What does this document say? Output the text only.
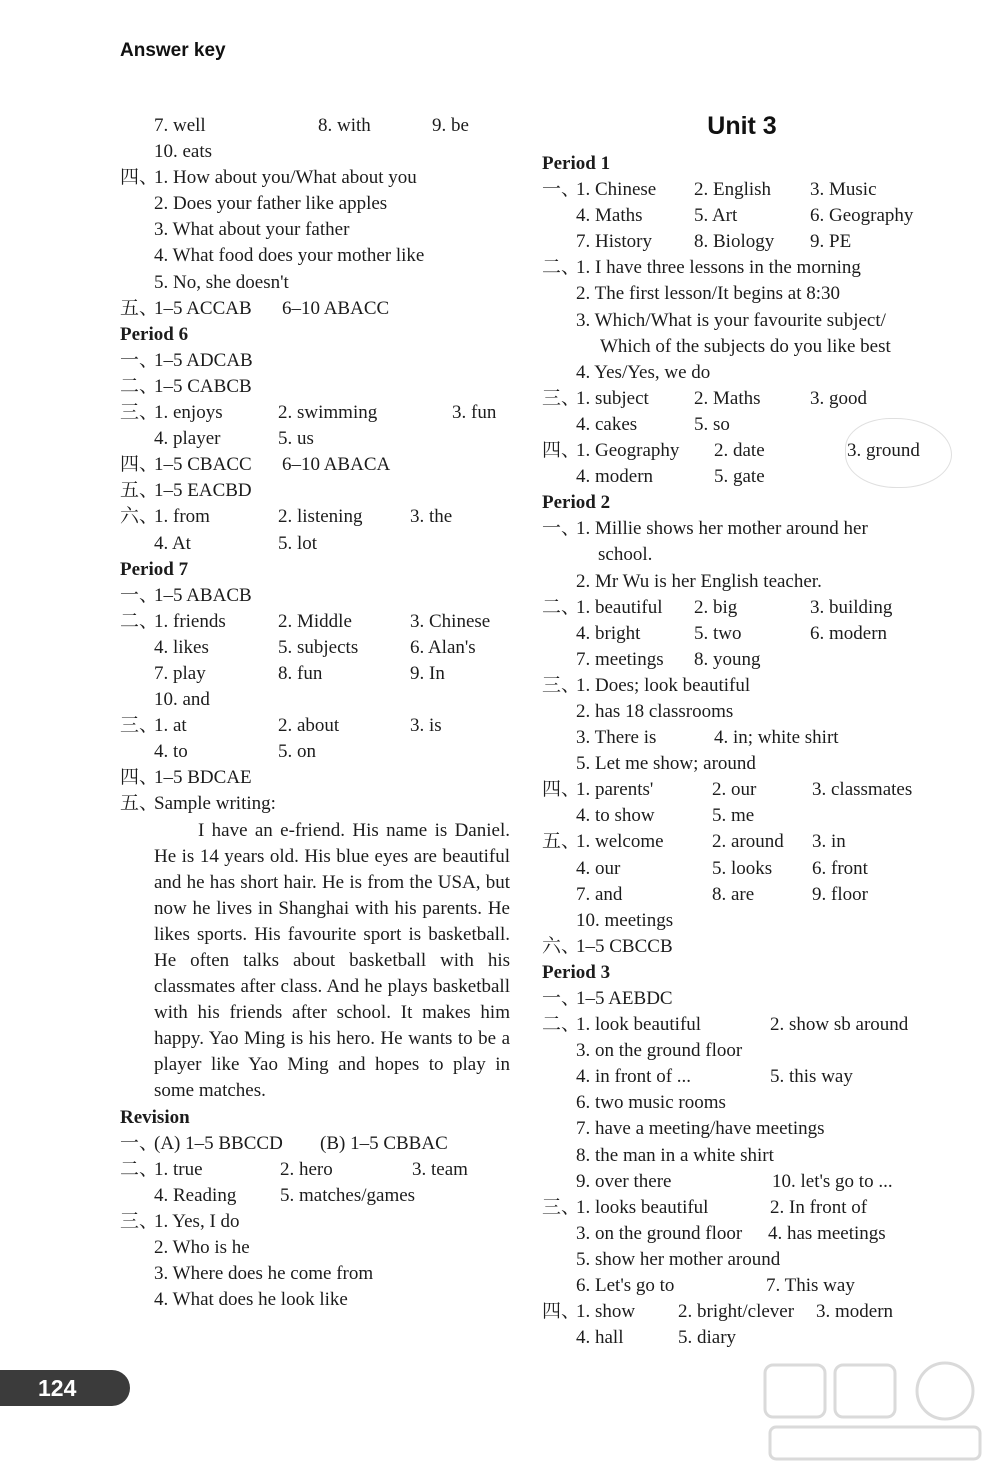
Answer key
7. well	8. with	9. be
10. eats
四、
1. How about you/What about you
2. Does your father like apples
3. What about your father
4. What food does your mother like
5. No, she doesn't
五、
1–5 ACCAB 6–10 ABACC
Period 6
一、
1–5 ADCAB
二、
1–5 CABCB
三、
1. enjoys	2. swimming	3. fun
4. player	5. us
四、
1–5 CBACC 6–10 ABACA
五、
1–5 EACBD
六、
1. from	2. listening	3. the
4. At	5. lot
Period 7
一、
1–5 ABACB
二、
1. friends	2. Middle	3. Chinese
4. likes	5. subjects	6. Alan's
7. play	8. fun	9. In
10. and
三、
1. at	2. about	3. is
4. to	5. on
四、
1–5 BDCAE
五、
Sample writing:
I have an e-friend. His name is Daniel. He is 14 years old. His blue eyes are beautiful and he has short hair. He is from the USA, but now he lives in Shanghai with his parents. He likes sports. His favourite sport is basketball. He often talks about basketball with his classmates after class. And he plays basketball with his friends after school. It makes him happy. Yao Ming is his hero. He wants to be a player like Yao Ming and hopes to play in some matches.
Revision
一、
(A) 1–5 BBCCD (B) 1–5 CBBAC
二、
1. true	2. hero	3. team
4. Reading 5. matches/games
三、
1. Yes, I do
2. Who is he
3. Where does he come from
4. What does he look like
Unit 3
Period 1
一、
1. Chinese 2. English 3. Music
4. Maths	5. Art	6. Geography
7. History 8. Biology 9. PE
二、
1. I have three lessons in the morning
2. The first lesson/It begins at 8:30
3. Which/What is your favourite subject/
Which of the subjects do you like best
4. Yes/Yes, we do
三、
1. subject 2. Maths	3. good
4. cakes	5. so
四、
1. Geography 2. date	3. ground
4. modern	5. gate
Period 2
一、
1. Millie shows her mother around her
school.
2. Mr Wu is her English teacher.
二、
1. beautiful 2. big	3. building
4. bright	5. two	6. modern
7. meetings 8. young
三、
1. Does; look beautiful
2. has 18 classrooms
3. There is	4. in; white shirt
5. Let me show; around
四、
1. parents'	2. our	3. classmates
4. to show	5. me
五、
1. welcome	2. around 3. in
4. our	5. looks 6. front
7. and	8. are	9. floor
10. meetings
六、
1–5 CBCCB
Period 3
一、
1–5 AEBDC
二、
1. look beautiful	2. show sb around
3. on the ground floor
4. in front of ...	5. this way
6. two music rooms
7. have a meeting/have meetings
8. the man in a white shirt
9. over there	10. let's go to ...
三、
1. looks beautiful	2. In front of
3. on the ground floor 4. has meetings
5. show her mother around
6. Let's go to	7. This way
四、
1. show 2. bright/clever 3. modern
4. hall	5. diary
124
